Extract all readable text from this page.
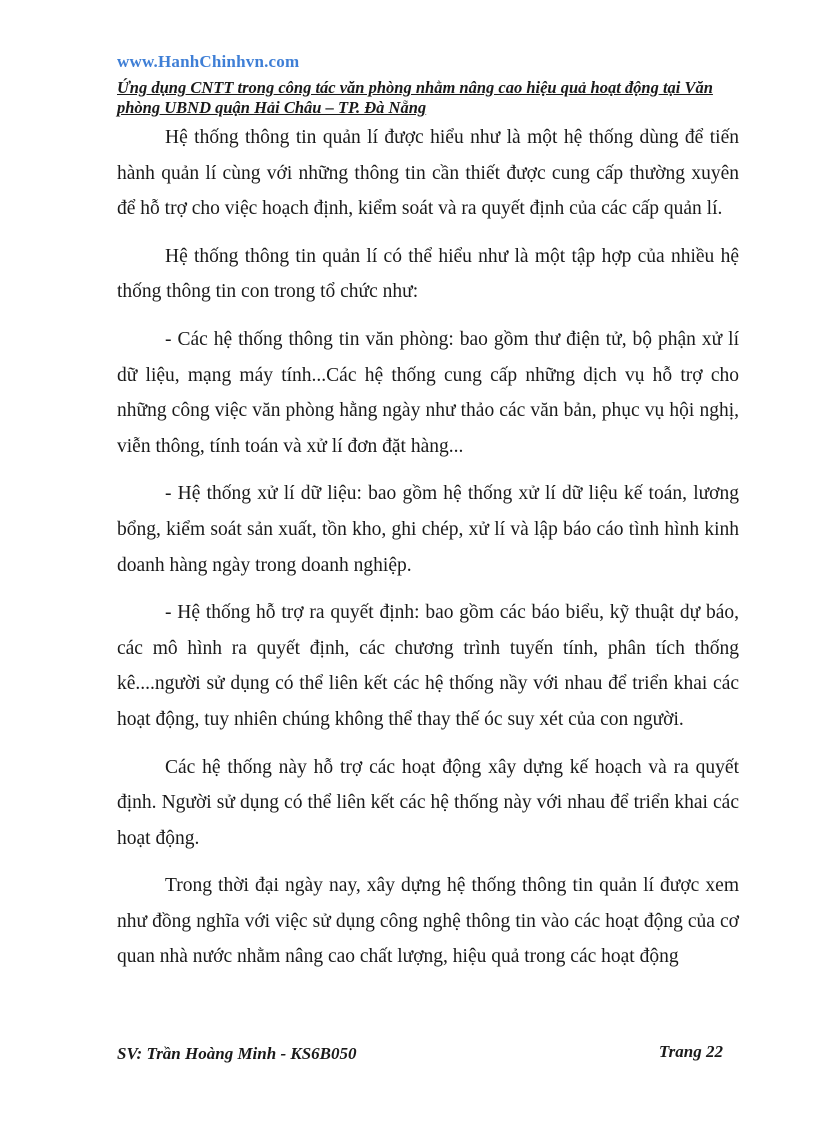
www.HanhChinhvn.com
Ứng dụng CNTT trong công tác văn phòng nhằm nâng cao hiệu quả hoạt động tại Văn phòng UBND quận Hải Châu – TP. Đà Nẵng

Hệ thống thông tin quản lí được hiểu như là một hệ thống dùng để tiến hành quản lí cùng với những thông tin cần thiết được cung cấp thường xuyên để hỗ trợ cho việc hoạch định, kiểm soát và ra quyết định của các cấp quản lí.

Hệ thống thông tin quản lí có thể hiểu như là một tập hợp của nhiều hệ thống thông tin con trong tổ chức như:

- Các hệ thống thông tin văn phòng: bao gồm thư điện tử, bộ phận xử lí dữ liệu, mạng máy tính...Các hệ thống cung cấp những dịch vụ hỗ trợ cho những công việc văn phòng hằng ngày như thảo các văn bản, phục vụ hội nghị, viễn thông, tính toán và xử lí đơn đặt hàng...

- Hệ thống xử lí dữ liệu: bao gồm hệ thống xử lí dữ liệu kế toán, lương bổng, kiểm soát sản xuất, tồn kho, ghi chép, xử lí và lập báo cáo tình hình kinh doanh hàng ngày trong doanh nghiệp.

- Hệ thống hỗ trợ ra quyết định: bao gồm các báo biểu, kỹ thuật dự báo, các mô hình ra quyết định, các chương trình tuyến tính, phân tích thống kê....người sử dụng có thể liên kết các hệ thống nầy với nhau để triển khai các hoạt động, tuy nhiên chúng không thể thay thế óc suy xét của con người.

Các hệ thống này hỗ trợ các hoạt động xây dựng kế hoạch và ra quyết định. Người sử dụng có thể liên kết các hệ thống này với nhau để triển khai các hoạt động.

Trong thời đại ngày nay, xây dựng hệ thống thông tin quản lí được xem như đồng nghĩa với việc sử dụng công nghệ thông tin vào các hoạt động của cơ quan nhà nước nhằm nâng cao chất lượng, hiệu quả trong các hoạt động

SV: Trần Hoàng Minh - KS6B050	Trang 22
